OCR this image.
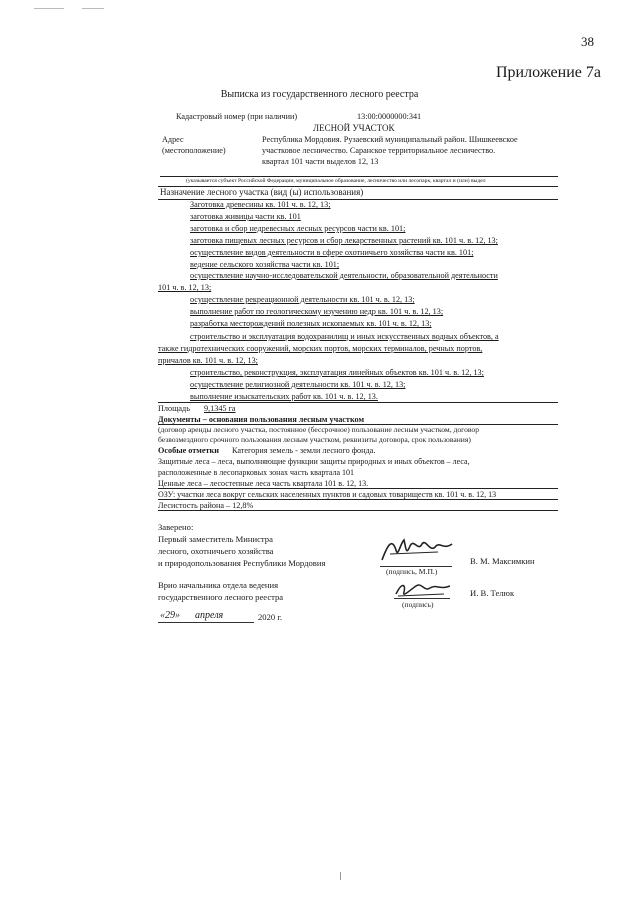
38
Приложение 7а
Выписка из государственного лесного реестра
Кадастровый номер (при наличии)	13:00:0000000:341
ЛЕСНОЙ УЧАСТОК
Адрес
(местоположение)
Республика Мордовия. Рузаевский муниципальный район. Шишкеевское
участковое лесничество. Саранское территориальное лесничество.
квартал 101 части выделов 12, 13
(указывается субъект Российской Федерации, муниципальное образование, лесничество или лесопарк, квартал и (или) выдел
Назначение лесного участка (вид (ы) использования)
Заготовка древесины кв. 101 ч. в. 12, 13;
заготовка живицы части кв. 101
заготовка и сбор недревесных лесных ресурсов части кв. 101;
заготовка пищевых лесных ресурсов и сбор лекарственных растений кв. 101 ч. в. 12, 13;
осуществление видов деятельности в сфере охотничьего хозяйства части кв. 101;
ведение сельского хозяйства части кв. 101;
осуществление научно-исследовательской деятельности, образовательной деятельности
101 ч. в. 12, 13;
осуществление рекреационной деятельности кв. 101 ч. в. 12, 13;
выполнение работ по геологическому изучению недр кв. 101 ч. в. 12, 13;
разработка месторождений полезных ископаемых кв. 101 ч. в. 12, 13;
строительство и эксплуатация водохранилищ и иных искусственных водных объектов, а
также гидротехнических сооружений, морских портов, морских терминалов, речных портов,
причалов кв. 101 ч. в. 12, 13;
строительство, реконструкция, эксплуатация линейных объектов кв. 101 ч. в. 12, 13;
осуществление религиозной деятельности кв. 101 ч. в. 12, 13;
выполнение изыскательских работ кв. 101 ч. в. 12, 13.
Площадь 9,1345 га
Документы – основания пользования лесным участком
(договор аренды лесного участка, постоянное (бессрочное) пользование лесным участком, договор
безвозмездного срочного пользования лесным участком, реквизиты договора, срок пользования)
Особые отметки Категория земель - земли лесного фонда.
Защитные леса – леса, выполняющие функции защиты природных и иных объектов – леса,
расположенные в лесопарковых зонах часть квартала 101
Ценные леса – лесостепные леса часть квартала 101 в. 12, 13.
ОЗУ: участки леса вокруг сельских населенных пунктов и садовых товариществ кв. 101 ч. в. 12, 13
Лесистость района – 12,8%
Заверено:
Первый заместитель Министра
лесного, охотничьего хозяйства
и природопользования Республики Мордовия
(подпись, М.П.)
В. М. Максимкин
Врио начальника отдела ведения
государственного лесного реестра
(подпись)
И. В. Телюк
«29» апреля	2020 г.
